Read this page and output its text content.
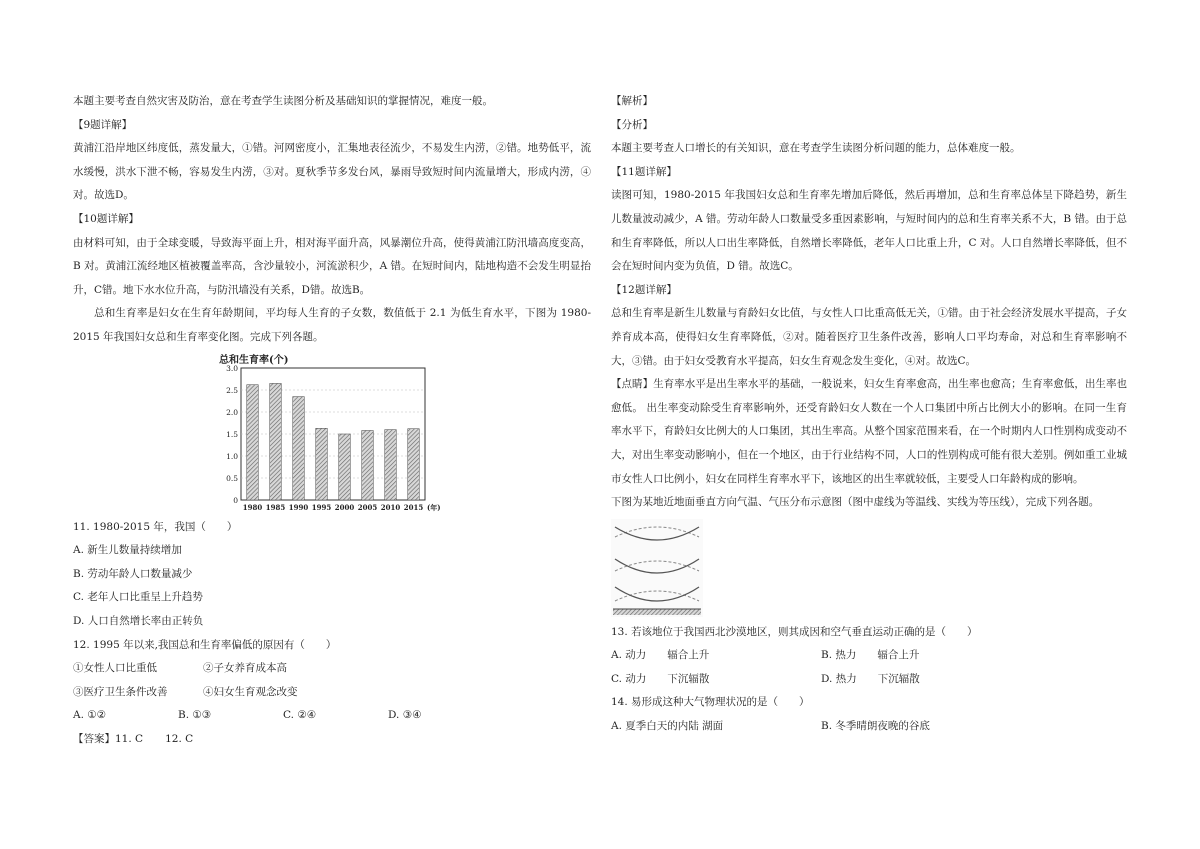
本题主要考查自然灾害及防治，意在考查学生读图分析及基础知识的掌握情况，难度一般。

【9题详解】

黄浦江沿岸地区纬度低，蒸发量大，①错。河网密度小，汇集地表径流少，不易发生内涝，②错。地势低平，流水缓慢，洪水下泄不畅，容易发生内涝，③对。夏秋季节多发台风，暴雨导致短时间内流量增大，形成内涝，④对。故选D。

【10题详解】

由材料可知，由于全球变暖，导致海平面上升，相对海平面升高，风暴潮位升高，使得黄浦江防汛墙高度变高，B 对。黄浦江流经地区植被覆盖率高，含沙量较小，河流淤积少，A 错。在短时间内，陆地构造不会发生明显抬升，C错。地下水水位升高，与防汛墙没有关系，D错。故选B。

总和生育率是妇女在生育年龄期间，平均每人生育的子女数，数值低于 2.1 为低生育水平，下图为 1980-2015 年我国妇女总和生育率变化图。完成下列各题。

总和生育率(个)
0
0.5
1.0
1.5
2.0
2.5
3.0
1980 1985 1990 1995 2000 2005 2010 2015 (年)

11. 1980-2015 年，我国（　　）

A. 新生儿数量持续增加

B. 劳动年龄人口数量减少

C. 老年人口比重呈上升趋势

D. 人口自然增长率由正转负

12. 1995 年以来,我国总和生育率偏低的原因有（　　）

①女性人口比重低	②子女养育成本高
③医疗卫生条件改善	④妇女生育观念改变
A. ①②	B. ①③	C. ②④	D. ③④

【答案】11. C 12. C

【解析】

【分析】

本题主要考查人口增长的有关知识，意在考查学生读图分析问题的能力，总体难度一般。

【11题详解】

读图可知，1980-2015 年我国妇女总和生育率先增加后降低，然后再增加，总和生育率总体呈下降趋势，新生儿数量波动减少，A 错。劳动年龄人口数量受多重因素影响，与短时间内的总和生育率关系不大，B 错。由于总和生育率降低，所以人口出生率降低，自然增长率降低，老年人口比重上升，C 对。人口自然增长率降低，但不会在短时间内变为负值，D 错。故选C。

【12题详解】

总和生育率是新生儿数量与育龄妇女比值，与女性人口比重高低无关，①错。由于社会经济发展水平提高，子女养育成本高，使得妇女生育率降低，②对。随着医疗卫生条件改善，影响人口平均寿命，对总和生育率影响不大，③错。由于妇女受教育水平提高，妇女生育观念发生变化，④对。故选C。

【点睛】生育率水平是出生率水平的基础，一般说来，妇女生育率愈高，出生率也愈高；生育率愈低，出生率也愈低。 出生率变动除受生育率影响外，还受育龄妇女人数在一个人口集团中所占比例大小的影响。在同一生育率水平下，育龄妇女比例大的人口集团，其出生率高。从整个国家范围来看，在一个时期内人口性别构成变动不大，对出生率变动影响小，但在一个地区，由于行业结构不同，人口的性别构成可能有很大差别。例如重工业城市女性人口比例小，妇女在同样生育率水平下，该地区的出生率就较低，主要受人口年龄构成的影响。

下图为某地近地面垂直方向气温、气压分布示意图（图中虚线为等温线、实线为等压线），完成下列各题。

13. 若该地位于我国西北沙漠地区，则其成因和空气垂直运动正确的是（　　）

A. 动力　　辐合上升	B. 热力　　辐合上升
C. 动力　　下沉辐散	D. 热力　　下沉辐散

14. 易形成这种大气物理状况的是（　　）

A. 夏季白天的内陆 湖面	B. 冬季晴朗夜晚的谷底
